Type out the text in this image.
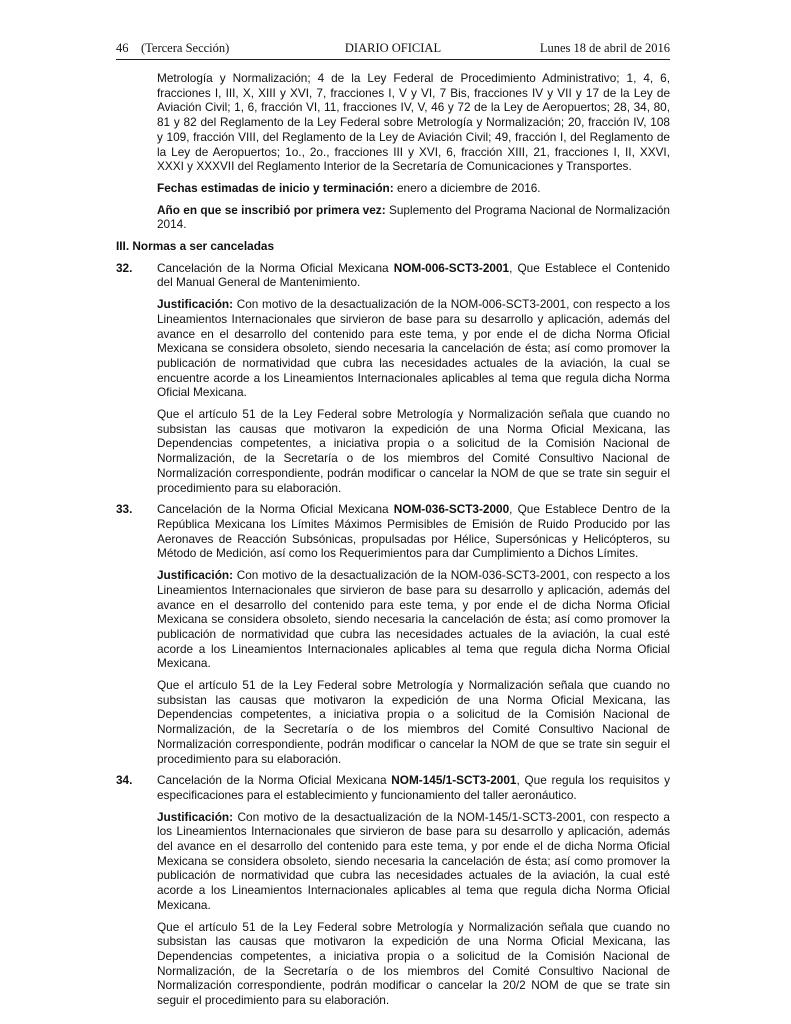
46 (Tercera Sección)	DIARIO OFICIAL	Lunes 18 de abril de 2016

Metrología y Normalización; 4 de la Ley Federal de Procedimiento Administrativo; 1, 4, 6, fracciones I, III, X, XIII y XVI, 7, fracciones I, V y VI, 7 Bis, fracciones IV y VII y 17 de la Ley de Aviación Civil; 1, 6, fracción VI, 11, fracciones IV, V, 46 y 72 de la Ley de Aeropuertos; 28, 34, 80, 81 y 82 del Reglamento de la Ley Federal sobre Metrología y Normalización; 20, fracción IV, 108 y 109, fracción VIII, del Reglamento de la Ley de Aviación Civil; 49, fracción I, del Reglamento de la Ley de Aeropuertos; 1o., 2o., fracciones III y XVI, 6, fracción XIII, 21, fracciones I, II, XXVI, XXXI y XXXVII del Reglamento Interior de la Secretaría de Comunicaciones y Transportes.

Fechas estimadas de inicio y terminación: enero a diciembre de 2016.

Año en que se inscribió por primera vez: Suplemento del Programa Nacional de Normalización 2014.

III. Normas a ser canceladas

32. Cancelación de la Norma Oficial Mexicana NOM-006-SCT3-2001, Que Establece el Contenido del Manual General de Mantenimiento.

Justificación: Con motivo de la desactualización de la NOM-006-SCT3-2001, con respecto a los Lineamientos Internacionales que sirvieron de base para su desarrollo y aplicación, además del avance en el desarrollo del contenido para este tema, y por ende el de dicha Norma Oficial Mexicana se considera obsoleto, siendo necesaria la cancelación de ésta; así como promover la publicación de normatividad que cubra las necesidades actuales de la aviación, la cual se encuentre acorde a los Lineamientos Internacionales aplicables al tema que regula dicha Norma Oficial Mexicana.

Que el artículo 51 de la Ley Federal sobre Metrología y Normalización señala que cuando no subsistan las causas que motivaron la expedición de una Norma Oficial Mexicana, las Dependencias competentes, a iniciativa propia o a solicitud de la Comisión Nacional de Normalización, de la Secretaría o de los miembros del Comité Consultivo Nacional de Normalización correspondiente, podrán modificar o cancelar la NOM de que se trate sin seguir el procedimiento para su elaboración.

33. Cancelación de la Norma Oficial Mexicana NOM-036-SCT3-2000, Que Establece Dentro de la República Mexicana los Límites Máximos Permisibles de Emisión de Ruido Producido por las Aeronaves de Reacción Subsónicas, propulsadas por Hélice, Supersónicas y Helicópteros, su Método de Medición, así como los Requerimientos para dar Cumplimiento a Dichos Límites.

Justificación: Con motivo de la desactualización de la NOM-036-SCT3-2001, con respecto a los Lineamientos Internacionales que sirvieron de base para su desarrollo y aplicación, además del avance en el desarrollo del contenido para este tema, y por ende el de dicha Norma Oficial Mexicana se considera obsoleto, siendo necesaria la cancelación de ésta; así como promover la publicación de normatividad que cubra las necesidades actuales de la aviación, la cual esté acorde a los Lineamientos Internacionales aplicables al tema que regula dicha Norma Oficial Mexicana.

Que el artículo 51 de la Ley Federal sobre Metrología y Normalización señala que cuando no subsistan las causas que motivaron la expedición de una Norma Oficial Mexicana, las Dependencias competentes, a iniciativa propia o a solicitud de la Comisión Nacional de Normalización, de la Secretaría o de los miembros del Comité Consultivo Nacional de Normalización correspondiente, podrán modificar o cancelar la NOM de que se trate sin seguir el procedimiento para su elaboración.

34. Cancelación de la Norma Oficial Mexicana NOM-145/1-SCT3-2001, Que regula los requisitos y especificaciones para el establecimiento y funcionamiento del taller aeronáutico.

Justificación: Con motivo de la desactualización de la NOM-145/1-SCT3-2001, con respecto a los Lineamientos Internacionales que sirvieron de base para su desarrollo y aplicación, además del avance en el desarrollo del contenido para este tema, y por ende el de dicha Norma Oficial Mexicana se considera obsoleto, siendo necesaria la cancelación de ésta; así como promover la publicación de normatividad que cubra las necesidades actuales de la aviación, la cual esté acorde a los Lineamientos Internacionales aplicables al tema que regula dicha Norma Oficial Mexicana.

Que el artículo 51 de la Ley Federal sobre Metrología y Normalización señala que cuando no subsistan las causas que motivaron la expedición de una Norma Oficial Mexicana, las Dependencias competentes, a iniciativa propia o a solicitud de la Comisión Nacional de Normalización, de la Secretaría o de los miembros del Comité Consultivo Nacional de Normalización correspondiente, podrán modificar o cancelar la 20/2 NOM de que se trate sin seguir el procedimiento para su elaboración.
